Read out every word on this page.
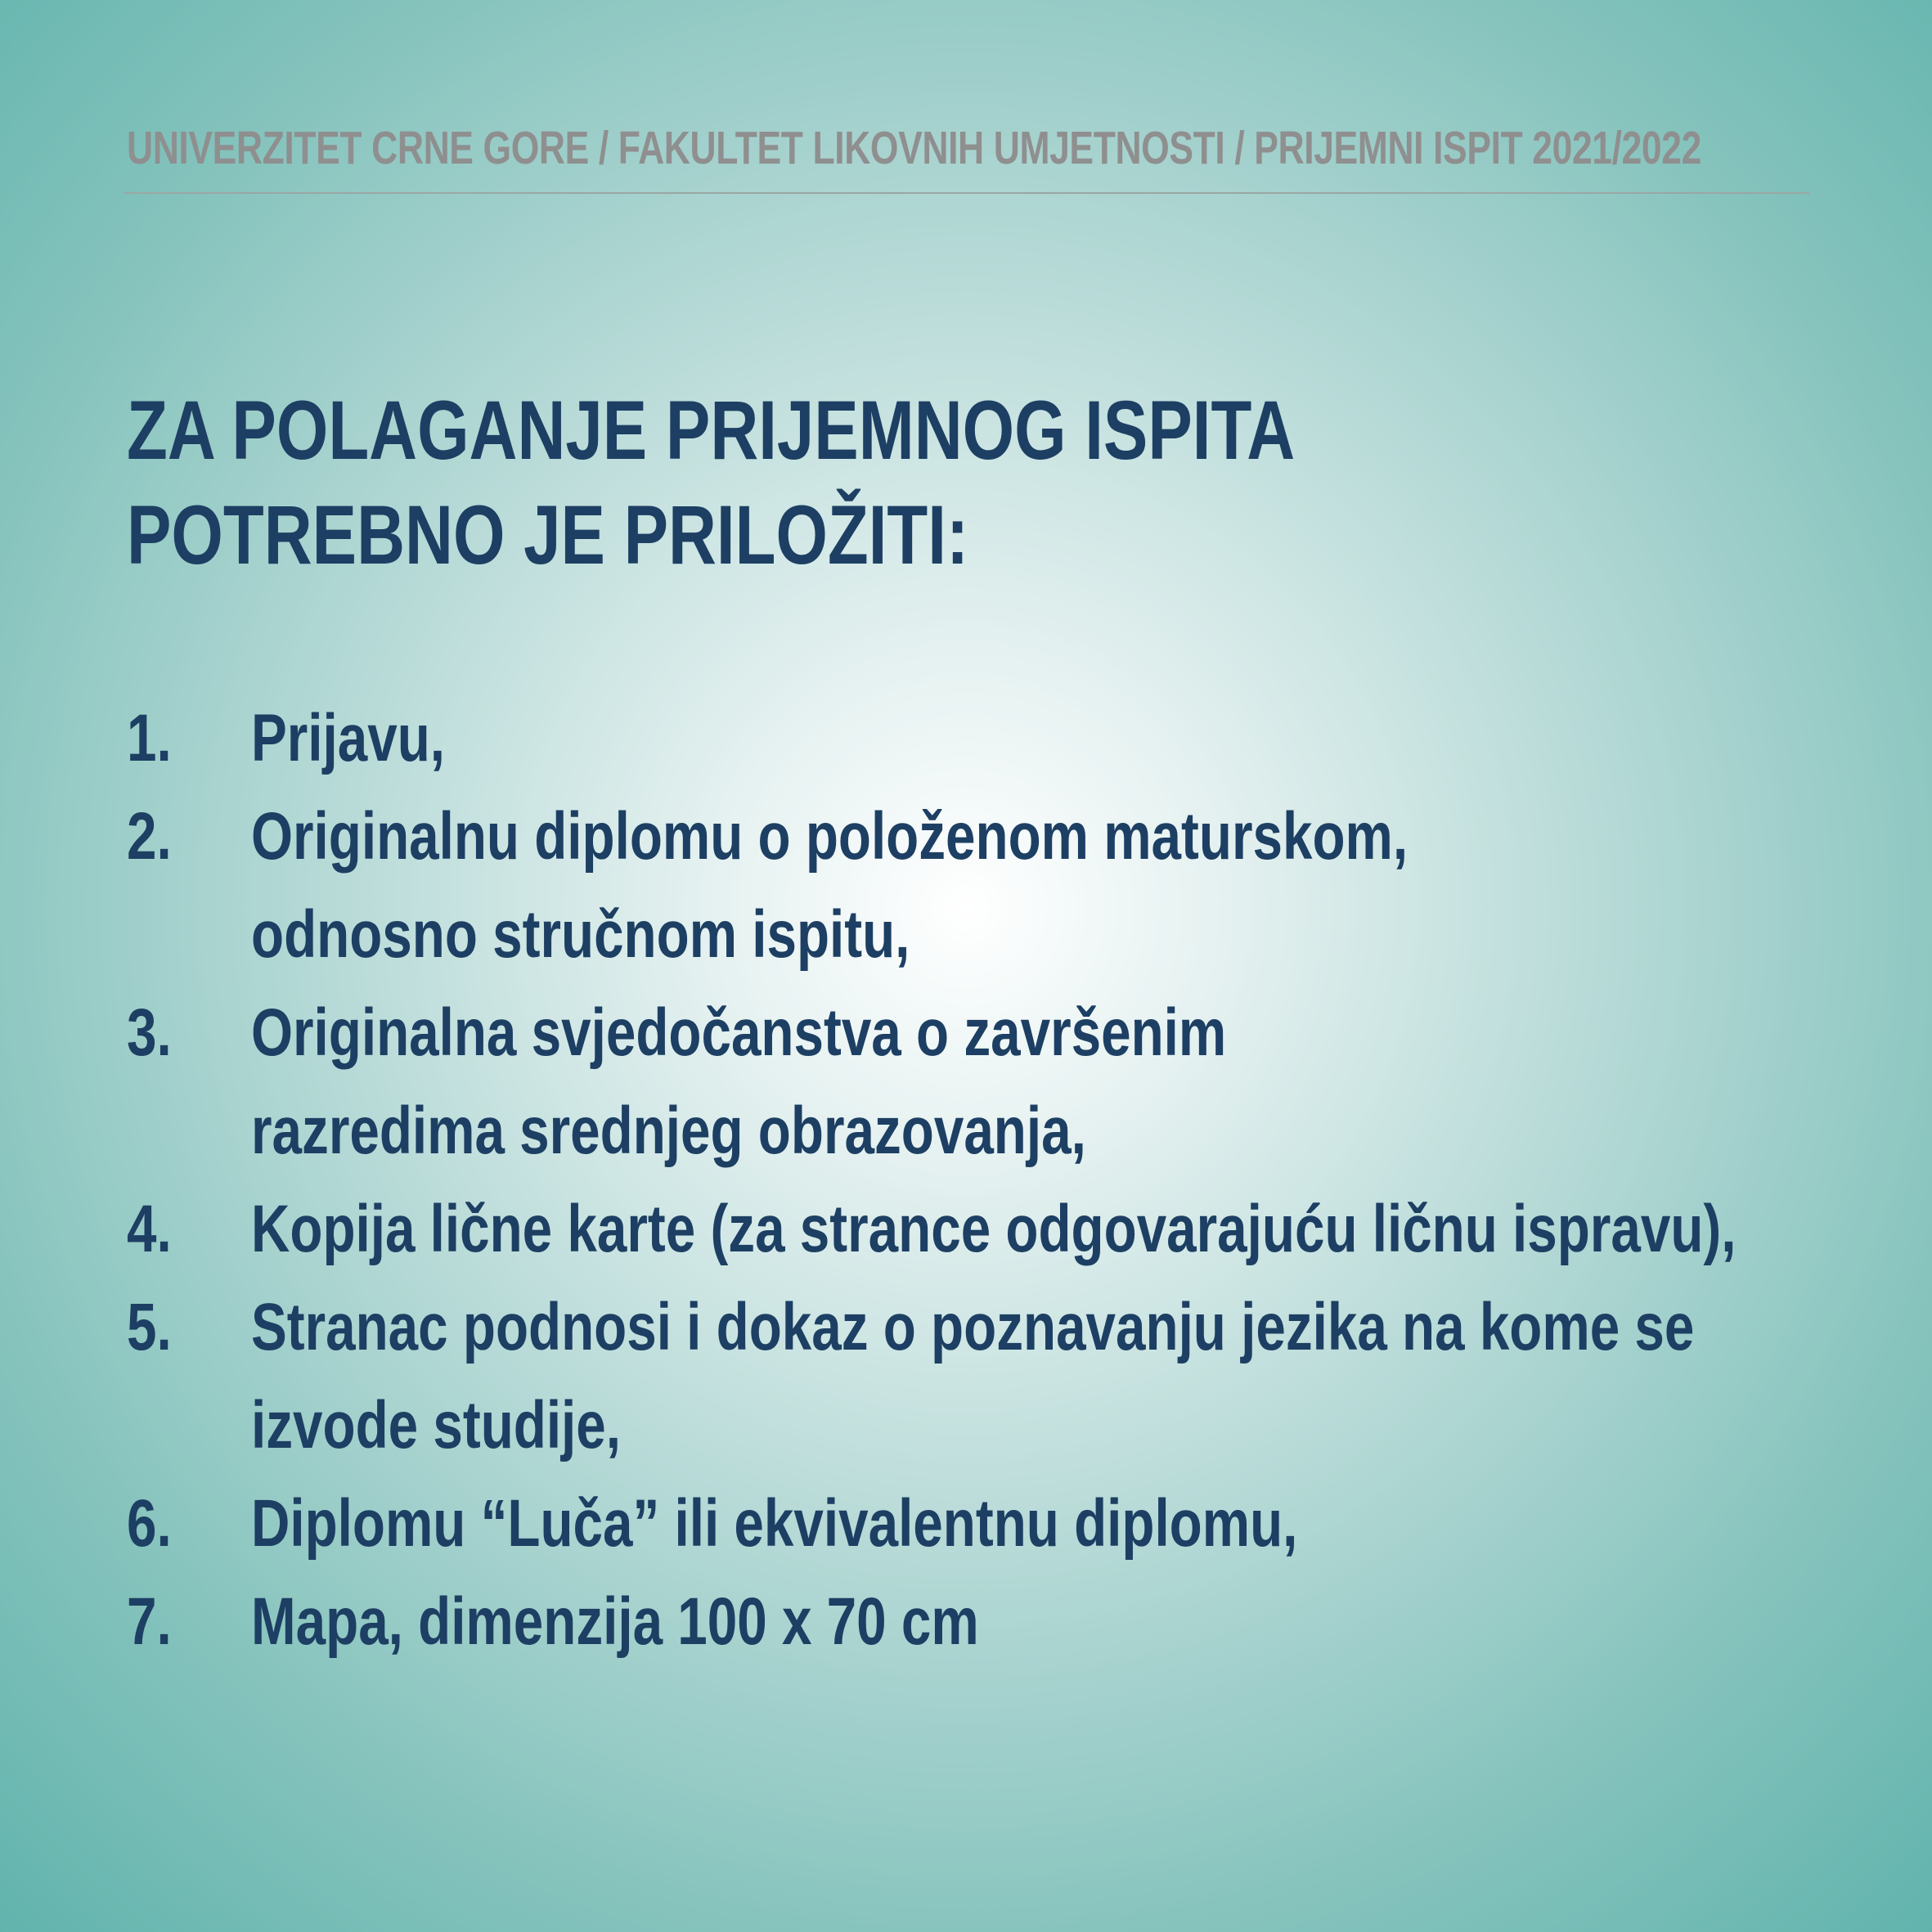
UNIVERZITET CRNE GORE / FAKULTET LIKOVNIH UMJETNOSTI / PRIJEMNI ISPIT 2021/2022
ZA POLAGANJE PRIJEMNOG ISPITA
POTREBNO JE PRILOŽITI:
1. Prijavu,
2. Originalnu diplomu o položenom maturskom,
odnosno stručnom ispitu,
3. Originalna svjedočanstva o završenim
razredima srednjeg obrazovanja,
4. Kopija lične karte (za strance odgovarajuću ličnu ispravu),
5. Stranac podnosi i dokaz o poznavanju jezika na kome se
izvode studije,
6. Diplomu “Luča” ili ekvivalentnu diplomu,
7. Mapa, dimenzija 100 x 70 cm
